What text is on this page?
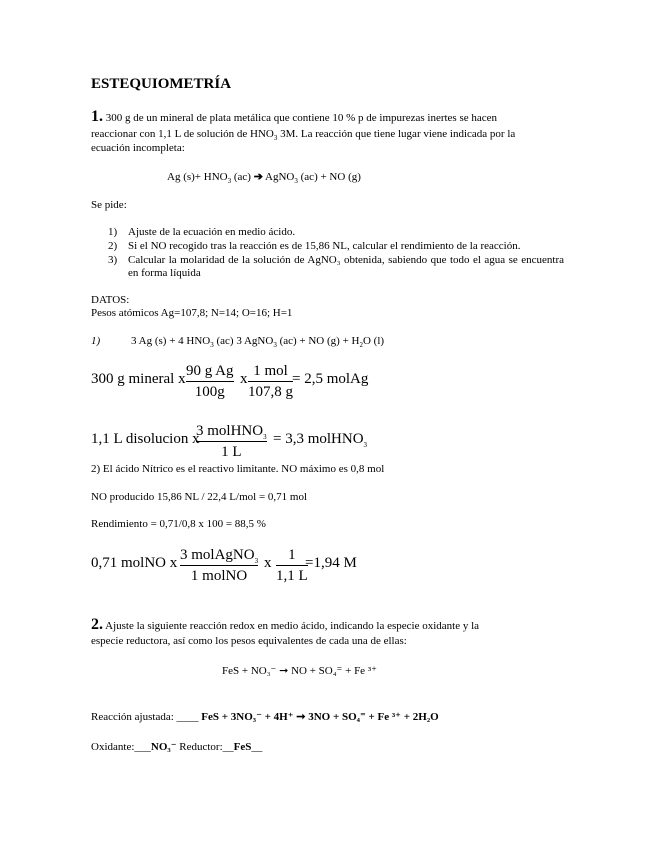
ESTEQUIOMETRÍA
1. 300 g de un mineral de plata metálica que contiene 10 % p de impurezas inertes se hacen
reaccionar con 1,1 L de solución de $HNO_3$ 3M. La reacción que tiene lugar viene indicada por la
ecuación incompleta:
Ag $(s)+ HNO_3$ (ac) ➔ AgNO$_3$ (ac) + NO (g)
Se pide:
1) Ajuste de la ecuación en medio ácido.
2) Si el NO recogido tras la reacción es de 15,86 NL, calcular el rendimiento de la reacción.
3) Calcular la molaridad de la solución de AgNO₃ obtenida, sabiendo que todo el agua se encuentra en forma líquida
DATOS:
Pesos atómicos Ag=107,8; N=14; O=16; H=1
1)	3 Ag (s) + 4 $HNO_3$ (ac) 3 AgNO$_3$ (ac) + NO $(g) + H_2O$ (l)
300 g mineral x 90 g Ag
100g
x 1 mol
107,8 g
= 2,5 molAg
1,1 L disolucion x
3 molHNO$_3$
1 L
= 3,3 molHNO$_3$
2) El ácido Nítrico es el reactivo limitante. NO máximo es 0,8 mol
NO producido 15,86 NL / 22,4 L/mol = 0,71 mol
Rendimiento = 0,71/0,8 x 100 = 88,5 %
0,71 molNO x 3 molAgNO$_3$
1 molNO
x 1
1,1 L
=1,94 M
2. Ajuste la siguiente reacción redox en medio ácido, indicando la especie oxidante y la
especie reductora, así como los pesos equivalentes de cada una de ellas:
FeS + NO₃⁻ ➞ NO + SO₄⁼ + Fe ³⁺
Reacción ajustada: ____ FeS + 3NO₃⁻ + 4H⁺ ➞ 3NO + SO₄⁼ + Fe ³⁺ + 2H₂O
Oxidante:___NO₃⁻ Reductor:__FeS__
